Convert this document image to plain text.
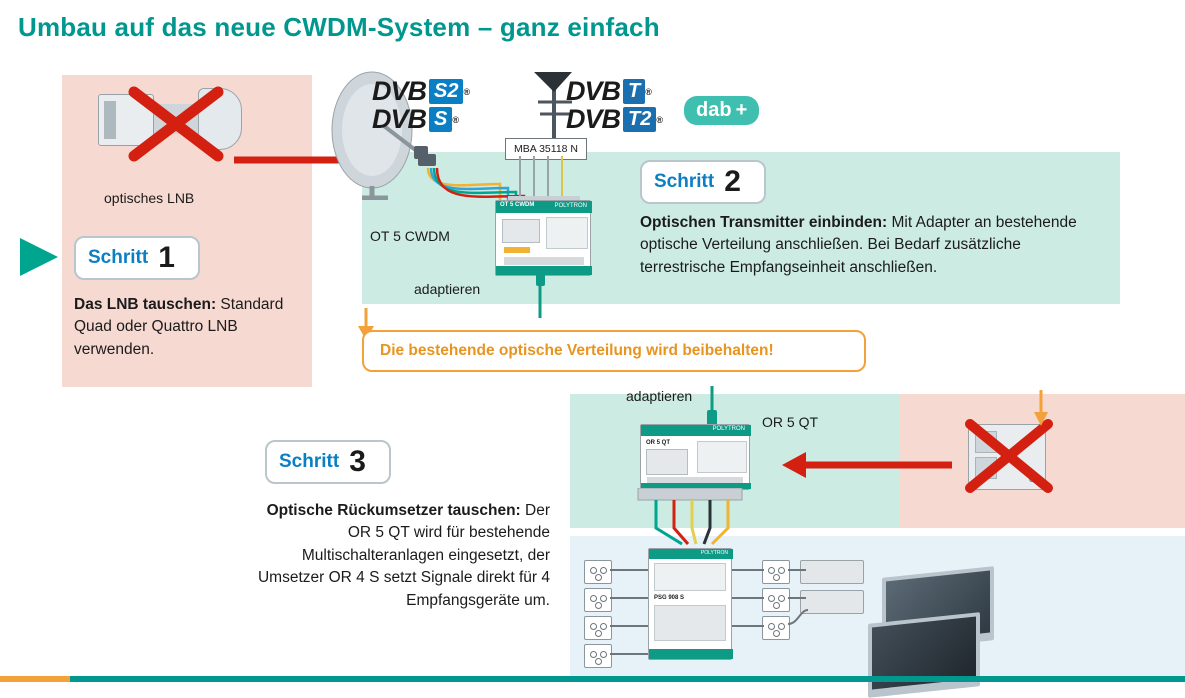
Umbau auf das neue CWDM-System – ganz einfach
optisches LNB
Schritt 1
Das LNB tauschen: Standard Quad oder Quattro LNB verwenden.
DVB S2 ®
DVB S ®
DVB T ®
DVB T2 ® dab +
MBA 35118 N
OT 5 CWDM	POLYTRON
OT 5 CWDM
adaptieren
Schritt 2
Optischen Transmitter einbinden: Mit Adapter an bestehende optische Verteilung anschließen. Bei Bedarf zusätzliche terrestrische Empfangseinheit anschließen.
Die bestehende optische Verteilung wird beibehalten!
adaptieren
POLYTRON
OR 5 QT
OR 5 QT
Schritt 3
Optische Rückumsetzer tauschen: Der OR 5 QT wird für bestehende Multischalteranlagen eingesetzt, der Umsetzer OR 4 S setzt Signale direkt für 4 Empfangsgeräte um.
POLYTRON
PSG 908 S
